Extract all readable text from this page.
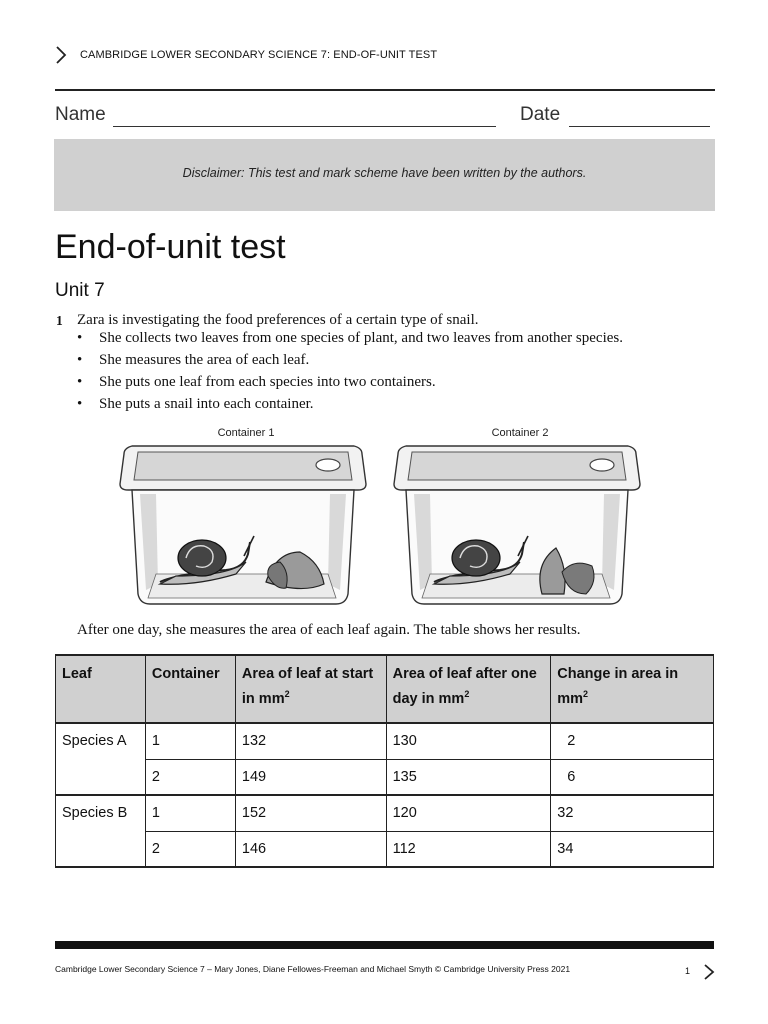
CAMBRIDGE LOWER SECONDARY SCIENCE 7: END-OF-UNIT TEST
Name	Date
Disclaimer: This test and mark scheme have been written by the authors.
End-of-unit test
Unit 7
1 Zara is investigating the food preferences of a certain type of snail.
• She collects two leaves from one species of plant, and two leaves from another species.
• She measures the area of each leaf.
• She puts one leaf from each species into two containers.
• She puts a snail into each container.
Container 1	Container 2
After one day, she measures the area of each leaf again. The table shows her results.
Leaf	Container	Area of leaf at start in $mm^2$	Area of leaf after one day in $mm^2$	Change in area in $mm^2$
Species A	1	132	130	2
	2	149	135	6
Species B	1	152	120	32
	2	146	112	34
Cambridge Lower Secondary Science 7 – Mary Jones, Diane Fellowes-Freeman and Michael Smyth © Cambridge University Press 2021	1
